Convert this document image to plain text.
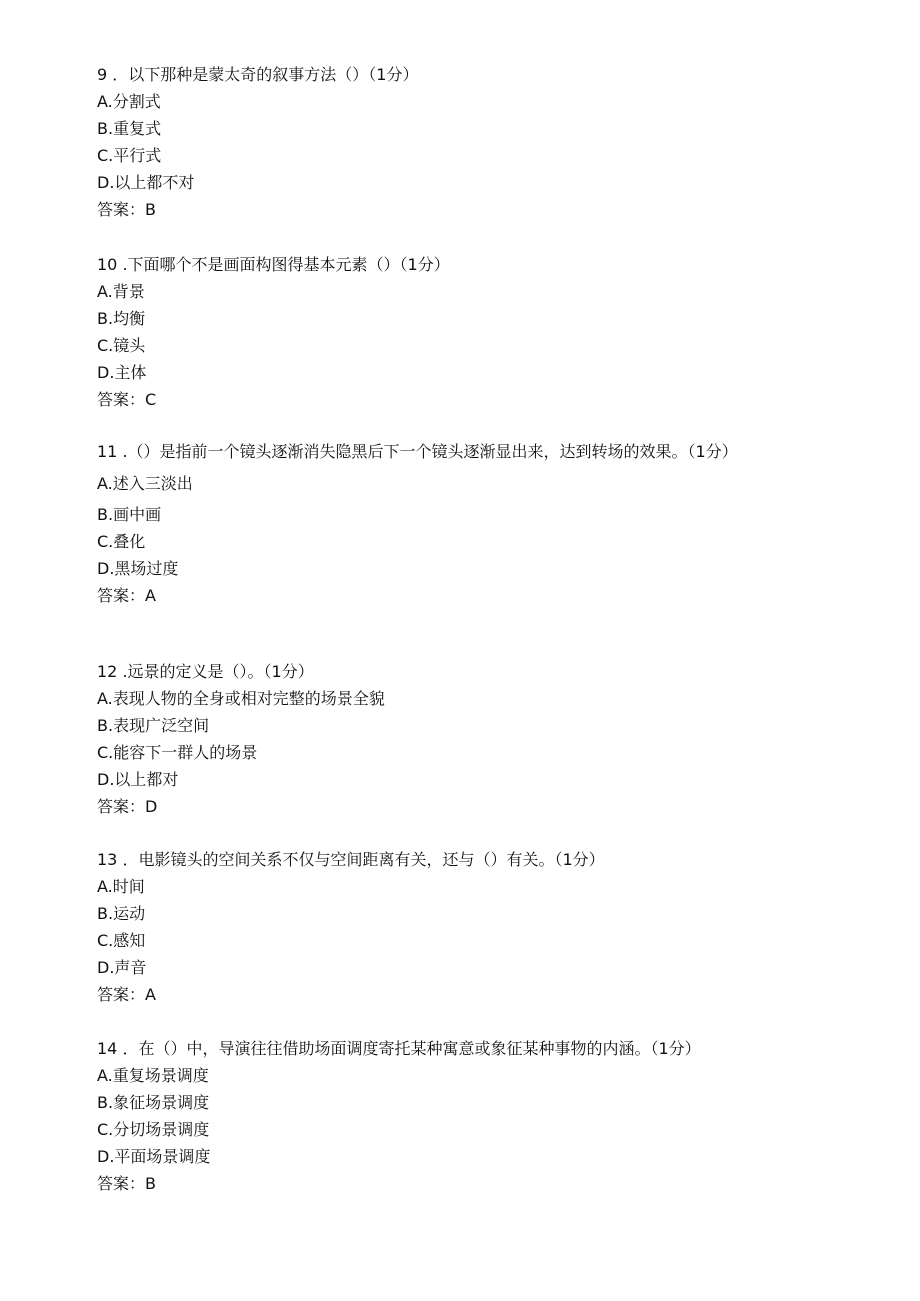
9 ．以下那种是蒙太奇的叙事方法（）（1分）
A.分割式
B.重复式
C.平行式
D.以上都不对
答案：B
10 .下面哪个不是画面构图得基本元素（）（1分）
A.背景
B.均衡
C.镜头
D.主体
答案：C
11 .（）是指前一个镜头逐渐消失隐黑后下一个镜头逐渐显出来，达到转场的效果。（1分）
A.述入三淡出
B.画中画
C.叠化
D.黑场过度
答案：A
12 .远景的定义是（）。（1分）
A.表现人物的全身或相对完整的场景全貌
B.表现广泛空间
C.能容下一群人的场景
D.以上都对
答案：D
13 ．电影镜头的空间关系不仅与空间距离有关，还与（）有关。（1分）
A.时间
B.运动
C.感知
D.声音
答案：A
14 ．在（）中，导演往往借助场面调度寄托某种寓意或象征某种事物的内涵。（1分）
A.重复场景调度
B.象征场景调度
C.分切场景调度
D.平面场景调度
答案：B
